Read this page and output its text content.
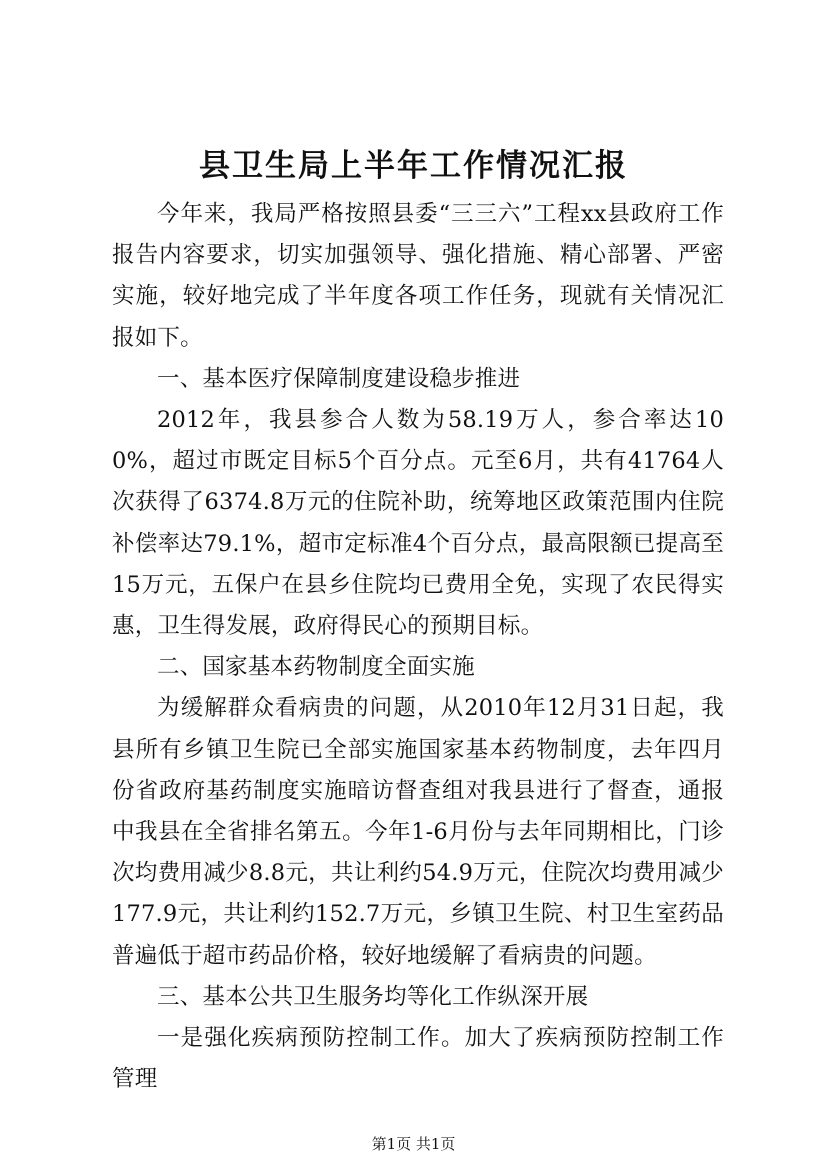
县卫生局上半年工作情况汇报

今年来，我局严格按照县委“三三六”工程xx县政府工作报告内容要求，切实加强领导、强化措施、精心部署、严密实施，较好地完成了半年度各项工作任务，现就有关情况汇报如下。

一、基本医疗保障制度建设稳步推进

2012年，我县参合人数为58.19万人，参合率达100%，超过市既定目标5个百分点。元至6月，共有41764人次获得了6374.8万元的住院补助，统筹地区政策范围内住院补偿率达79.1%，超市定标准4个百分点，最高限额已提高至15万元，五保户在县乡住院均已费用全免，实现了农民得实惠，卫生得发展，政府得民心的预期目标。

二、国家基本药物制度全面实施

为缓解群众看病贵的问题，从2010年12月31日起，我县所有乡镇卫生院已全部实施国家基本药物制度，去年四月份省政府基药制度实施暗访督查组对我县进行了督查，通报中我县在全省排名第五。今年1-6月份与去年同期相比，门诊次均费用减少8.8元，共让利约54.9万元，住院次均费用减少177.9元，共让利约152.7万元，乡镇卫生院、村卫生室药品普遍低于超市药品价格，较好地缓解了看病贵的问题。

三、基本公共卫生服务均等化工作纵深开展

一是强化疾病预防控制工作。加大了疾病预防控制工作管理

第1页 共1页
